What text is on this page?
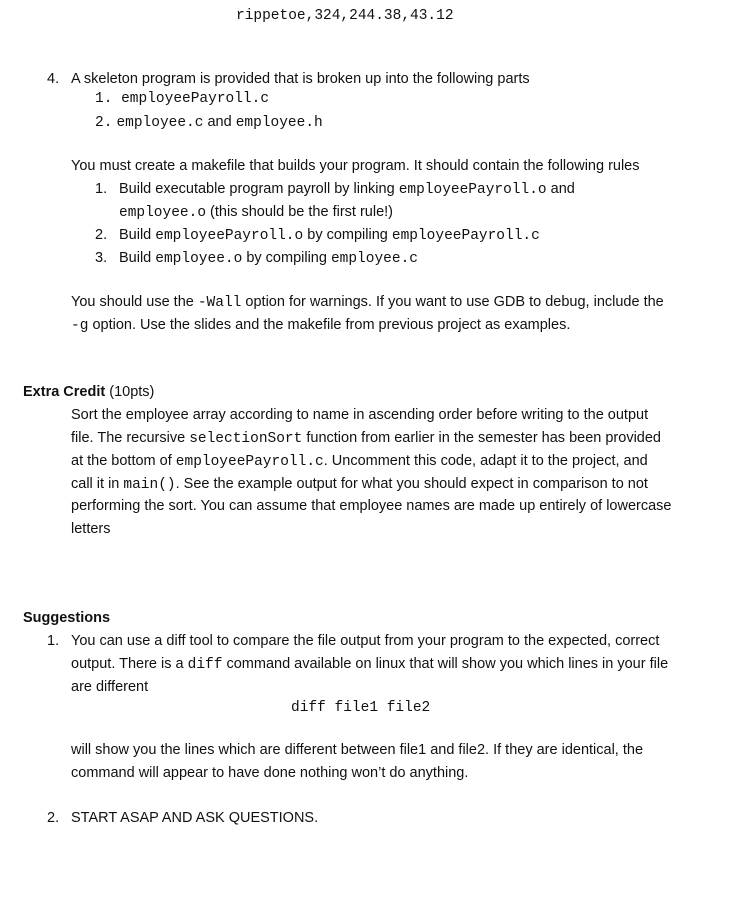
rippetoe,324,244.38,43.12
4. A skeleton program is provided that is broken up into the following parts
1. employeePayroll.c
2. employee.c and employee.h
You must create a makefile that builds your program. It should contain the following rules
1. Build executable program payroll by linking employeePayroll.o and
employee.o (this should be the first rule!)
2. Build employeePayroll.o by compiling employeePayroll.c
3. Build employee.o by compiling employee.c
You should use the -Wall option for warnings. If you want to use GDB to debug, include the
-g option. Use the slides and the makefile from previous project as examples.
Extra Credit (10pts)
Sort the employee array according to name in ascending order before writing to the output
file. The recursive selectionSort function from earlier in the semester has been provided
at the bottom of employeePayroll.c. Uncomment this code, adapt it to the project, and
call it in main(). See the example output for what you should expect in comparison to not
performing the sort. You can assume that employee names are made up entirely of lowercase
letters
Suggestions
1. You can use a diff tool to compare the file output from your program to the expected, correct
output. There is a diff command available on linux that will show you which lines in your file
are different
diff file1 file2
will show you the lines which are different between file1 and file2. If they are identical, the
command will appear to have done nothing won’t do anything.
2. START ASAP AND ASK QUESTIONS.
